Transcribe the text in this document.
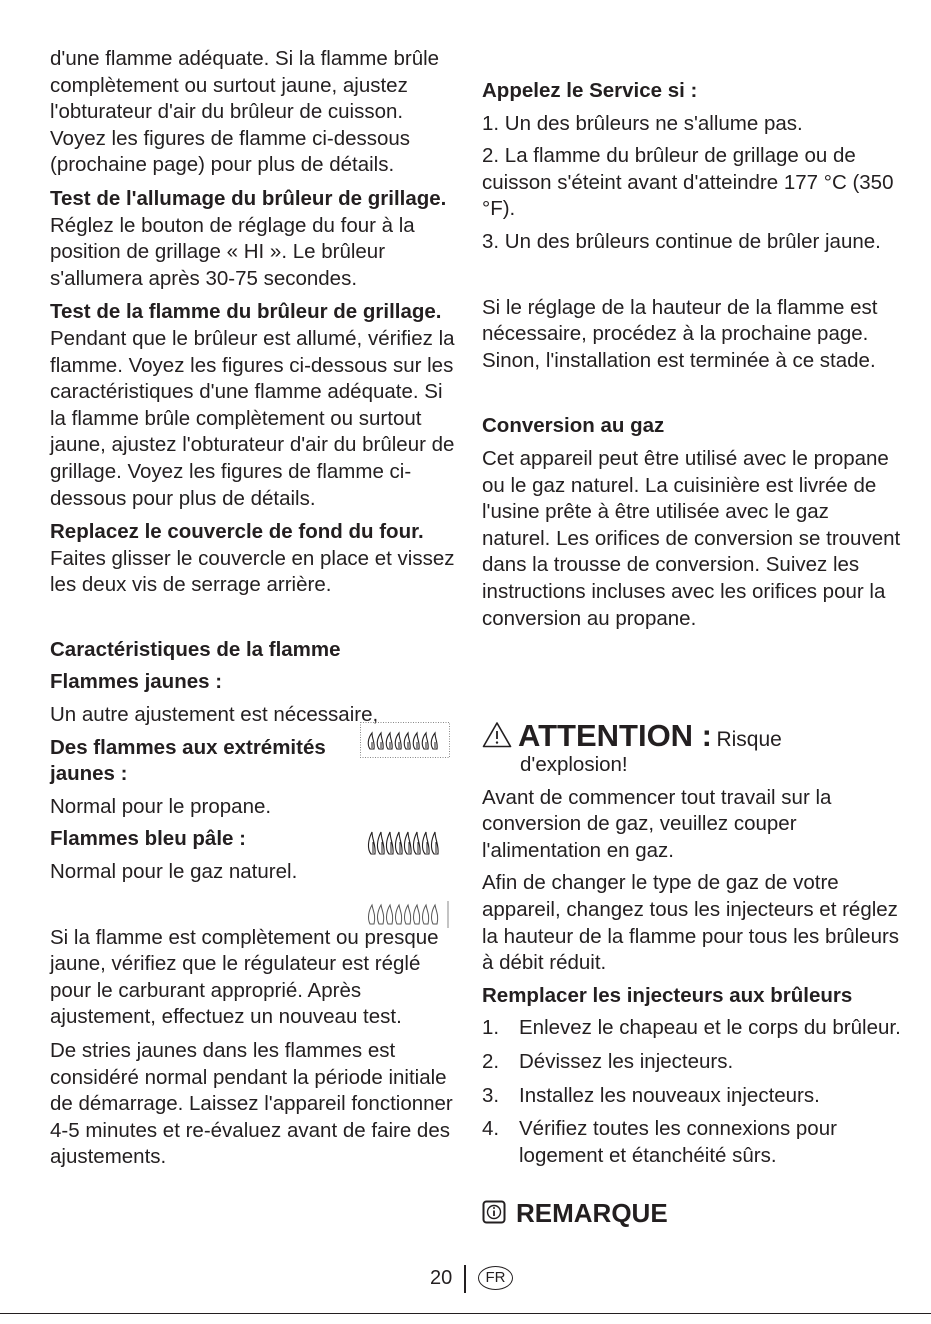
d'une flamme adéquate. Si la flamme brûle complètement ou surtout jaune, ajustez l'obturateur d'air du brûleur de cuisson. Voyez les figures de flamme ci-dessous (prochaine page) pour plus de détails.

Test de l'allumage du brûleur de grillage. Réglez le bouton de réglage du four à la position de grillage « HI ». Le brûleur s'allumera après 30-75 secondes.

Test de la flamme du brûleur de grillage. Pendant que le brûleur est allumé, vérifiez la flamme. Voyez les figures ci-dessous sur les caractéristiques d'une flamme adéquate. Si la flamme brûle complètement ou surtout jaune, ajustez l'obturateur d'air du brûleur de grillage. Voyez les figures de flamme ci-dessous pour plus de détails.

Replacez le couvercle de fond du four. Faites glisser le couvercle en place et vissez les deux vis de serrage arrière.

Caractéristiques de la flamme

Flammes jaunes :

Un autre ajustement est nécessaire,

Des flammes aux extrémités jaunes :

Normal pour le propane.

Flammes bleu pâle :

Normal pour le gaz naturel.

Si la flamme est complètement ou presque jaune, vérifiez que le régulateur est réglé pour le carburant approprié. Après ajustement, effectuez un nouveau test.

De stries jaunes dans les flammes est considéré normal pendant la période initiale de démarrage. Laissez l'appareil fonctionner 4-5 minutes et re-évaluez avant de faire des ajustements.

Appelez le Service si :

1. Un des brûleurs ne s'allume pas.

2. La flamme du brûleur de grillage ou de cuisson s'éteint avant d'atteindre 177 °C (350 °F).

3. Un des brûleurs continue de brûler jaune.

Si le réglage de la hauteur de la flamme est nécessaire, procédez à la prochaine page. Sinon, l'installation est terminée à ce stade.

Conversion au gaz

Cet appareil peut être utilisé avec le propane ou le gaz naturel. La cuisinière est livrée de l'usine prête à être utilisée avec le gaz naturel. Les orifices de conversion se trouvent dans la trousse de conversion. Suivez les instructions incluses avec les orifices pour la conversion au propane.

ATTENTION : Risque

d'explosion!

Avant de commencer tout travail sur la conversion de gaz, veuillez couper l'alimentation en gaz.

Afin de changer le type de gaz de votre appareil, changez tous les injecteurs et réglez la hauteur de la flamme pour tous les brûleurs à débit réduit.

Remplacer les injecteurs aux brûleurs

1. Enlevez le chapeau et le corps du brûleur.
2. Dévissez les injecteurs.
3. Installez les nouveaux injecteurs.
4. Vérifiez toutes les connexions pour logement et étanchéité sûrs.
REMARQUE
20	FR
